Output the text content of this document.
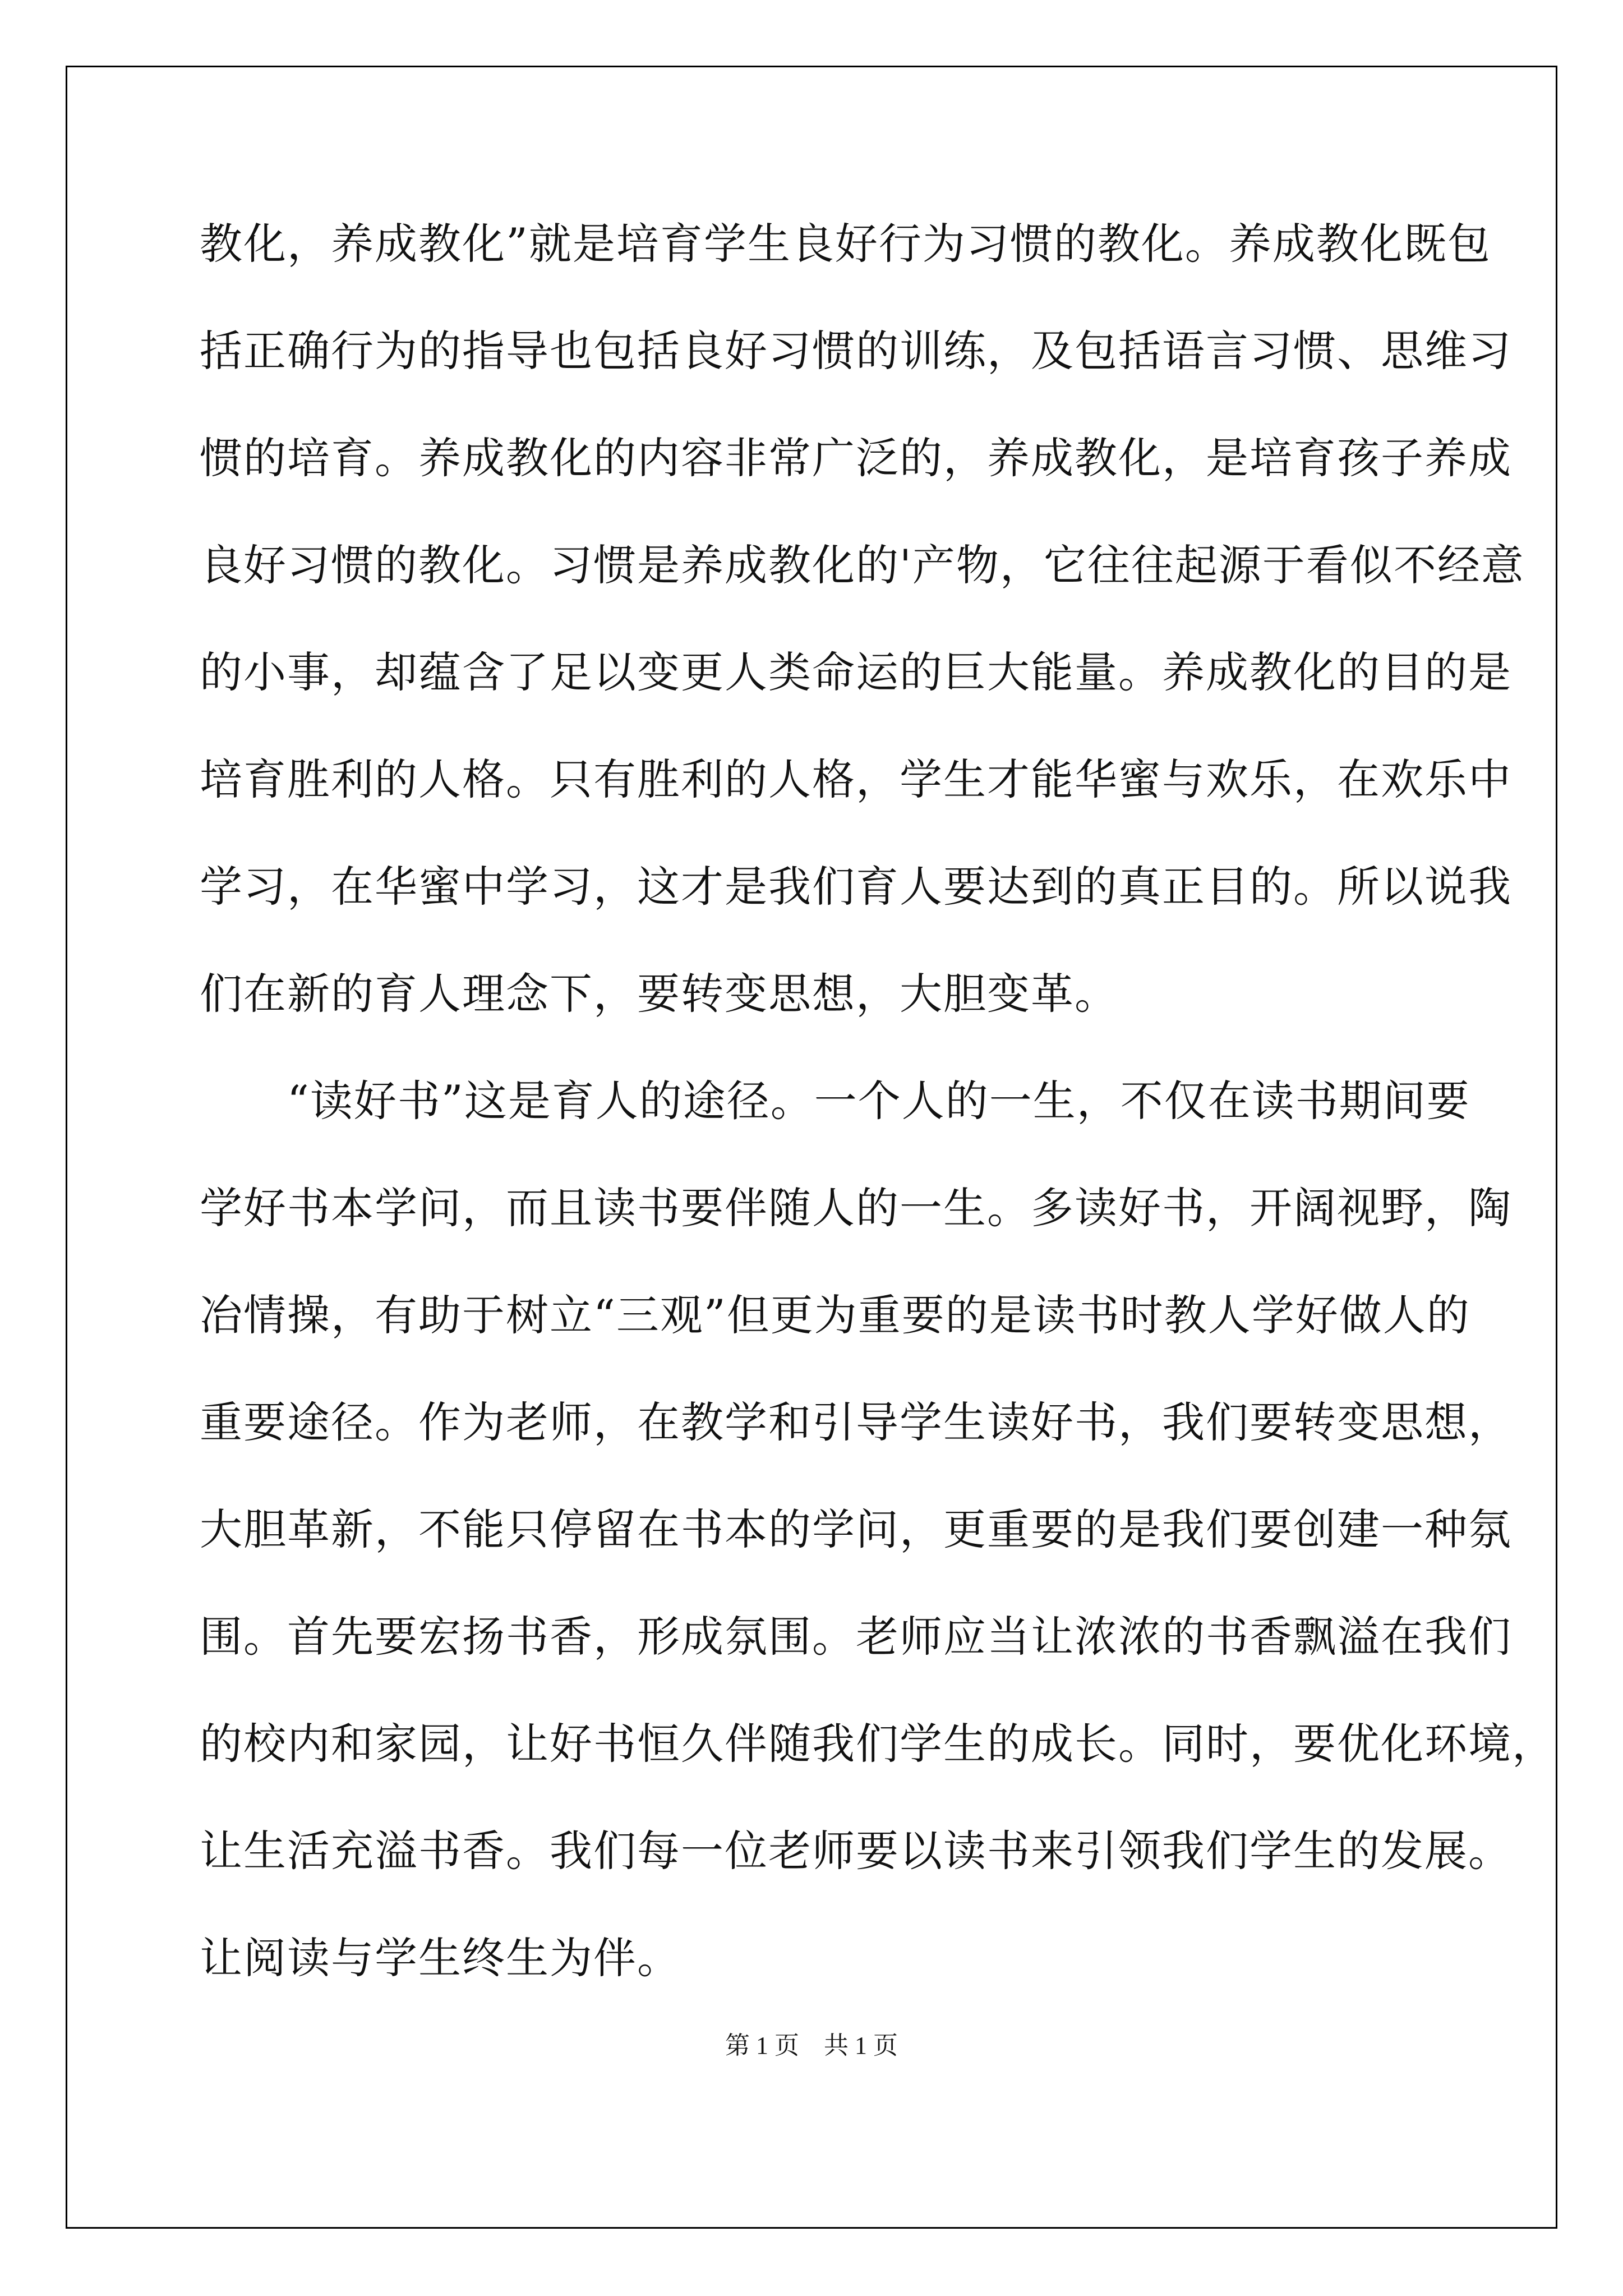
教化，养成教化”就是培育学生良好行为习惯的教化。养成教化既包
括正确行为的指导也包括良好习惯的训练，及包括语言习惯、思维习
惯的培育。养成教化的内容非常广泛的，养成教化，是培育孩子养成
良好习惯的教化。习惯是养成教化的'产物，它往往起源于看似不经意
的小事，却蕴含了足以变更人类命运的巨大能量。养成教化的目的是
培育胜利的人格。只有胜利的人格，学生才能华蜜与欢乐，在欢乐中
学习，在华蜜中学习，这才是我们育人要达到的真正目的。所以说我
们在新的育人理念下，要转变思想，大胆变革。
　　“读好书”这是育人的途径。一个人的一生，不仅在读书期间要
学好书本学问，而且读书要伴随人的一生。多读好书，开阔视野，陶
冶情操，有助于树立“三观”但更为重要的是读书时教人学好做人的
重要途径。作为老师，在教学和引导学生读好书，我们要转变思想，
大胆革新，不能只停留在书本的学问，更重要的是我们要创建一种氛
围。首先要宏扬书香，形成氛围。老师应当让浓浓的书香飘溢在我们
的校内和家园，让好书恒久伴随我们学生的成长。同时，要优化环境，
让生活充溢书香。我们每一位老师要以读书来引领我们学生的发展。
让阅读与学生终生为伴。
第 1 页　共 1 页
